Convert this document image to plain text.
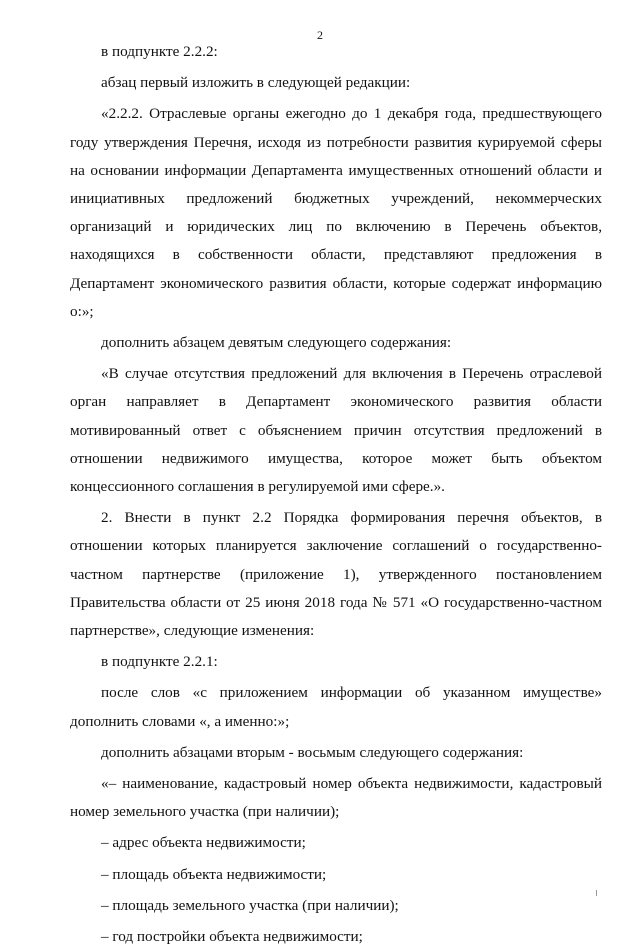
2

в подпункте 2.2.2:

абзац первый изложить в следующей редакции:

«2.2.2. Отраслевые органы ежегодно до 1 декабря года, предшествующего году утверждения Перечня, исходя из потребности развития курируемой сферы на основании информации Департамента имущественных отношений области и инициативных предложений бюджетных учреждений, некоммерческих организаций и юридических лиц по включению в Перечень объектов, находящихся в собственности области, представляют предложения в Департамент экономического развития области, которые содержат информацию о:»;

дополнить абзацем девятым следующего содержания:

«В случае отсутствия предложений для включения в Перечень отраслевой орган направляет в Департамент экономического развития области мотивированный ответ с объяснением причин отсутствия предложений в отношении недвижимого имущества, которое может быть объектом концессионного соглашения в регулируемой ими сфере.».

2. Внести в пункт 2.2 Порядка формирования перечня объектов, в отношении которых планируется заключение соглашений о государственно-частном партнерстве (приложение 1), утвержденного постановлением Правительства области от 25 июня 2018 года № 571 «О государственно-частном партнерстве», следующие изменения:

в подпункте 2.2.1:

после слов «с приложением информации об указанном имуществе» дополнить словами «, а именно:»;

дополнить абзацами вторым - восьмым следующего содержания:

«– наименование, кадастровый номер объекта недвижимости, кадастровый номер земельного участка (при наличии);

– адрес объекта недвижимости;

– площадь объекта недвижимости;

– площадь земельного участка (при наличии);

– год постройки объекта недвижимости;
